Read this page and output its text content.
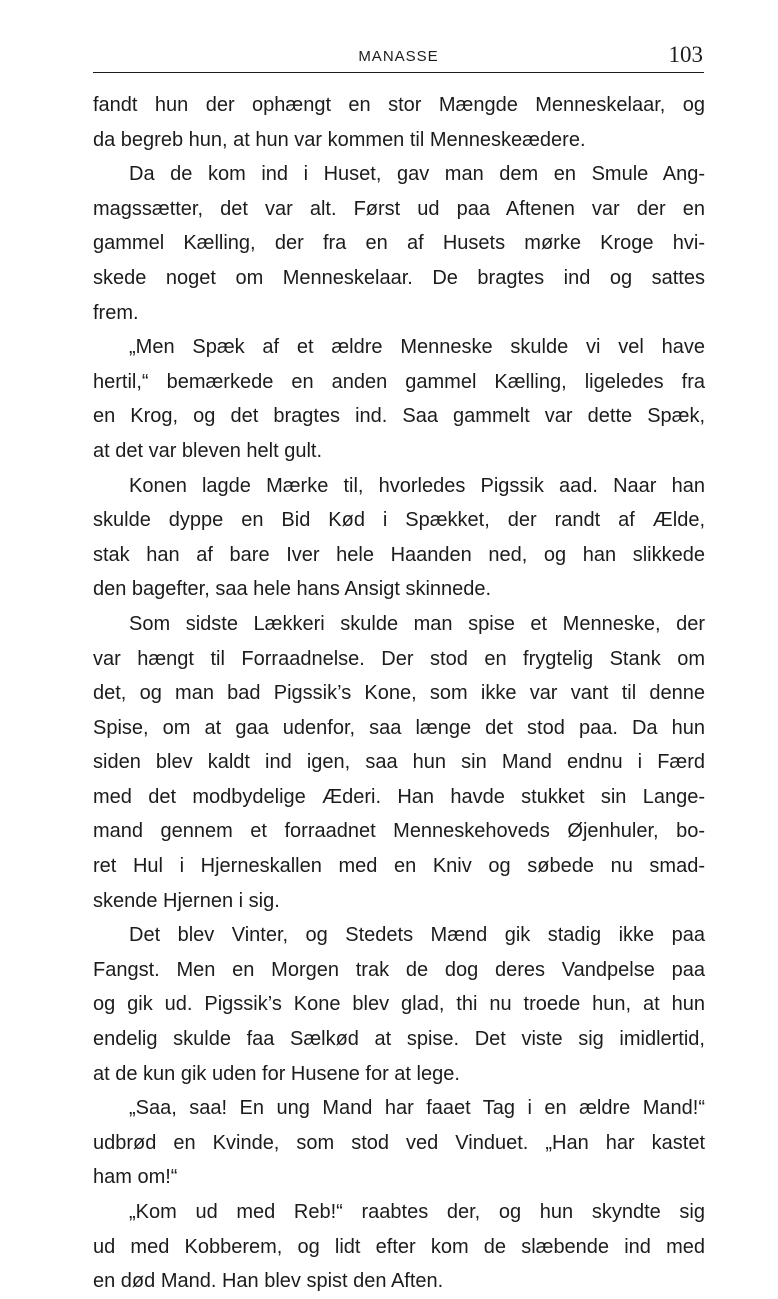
MANASSE	103
fandt hun der ophængt en stor Mængde Menneskelaar, og
da begreb hun, at hun var kommen til Menneskeædere.
Da de kom ind i Huset, gav man dem en Smule Ang-
magssætter, det var alt. Først ud paa Aftenen var der en
gammel Kælling, der fra en af Husets mørke Kroge hvi-
skede noget om Menneskelaar. De bragtes ind og sattes
frem.
„Men Spæk af et ældre Menneske skulde vi vel have
hertil,“ bemærkede en anden gammel Kælling, ligeledes fra
en Krog, og det bragtes ind. Saa gammelt var dette Spæk,
at det var bleven helt gult.
Konen lagde Mærke til, hvorledes Pigssik aad. Naar han
skulde dyppe en Bid Kød i Spækket, der randt af Ælde,
stak han af bare Iver hele Haanden ned, og han slikkede
den bagefter, saa hele hans Ansigt skinnede.
Som sidste Lækkeri skulde man spise et Menneske, der
var hængt til Forraadnelse. Der stod en frygtelig Stank om
det, og man bad Pigssik’s Kone, som ikke var vant til denne
Spise, om at gaa udenfor, saa længe det stod paa. Da hun
siden blev kaldt ind igen, saa hun sin Mand endnu i Færd
med det modbydelige Æderi. Han havde stukket sin Lange-
mand gennem et forraadnet Menneskehoveds Øjenhuler, bo-
ret Hul i Hjerneskallen med en Kniv og søbede nu smad-
skende Hjernen i sig.
Det blev Vinter, og Stedets Mænd gik stadig ikke paa
Fangst. Men en Morgen trak de dog deres Vandpelse paa
og gik ud. Pigssik’s Kone blev glad, thi nu troede hun, at hun
endelig skulde faa Sælkød at spise. Det viste sig imidlertid,
at de kun gik uden for Husene for at lege.
„Saa, saa! En ung Mand har faaet Tag i en ældre Mand!“
udbrød en Kvinde, som stod ved Vinduet. „Han har kastet
ham om!“
„Kom ud med Reb!“ raabtes der, og hun skyndte sig
ud med Kobberem, og lidt efter kom de slæbende ind med
en død Mand. Han blev spist den Aften.
